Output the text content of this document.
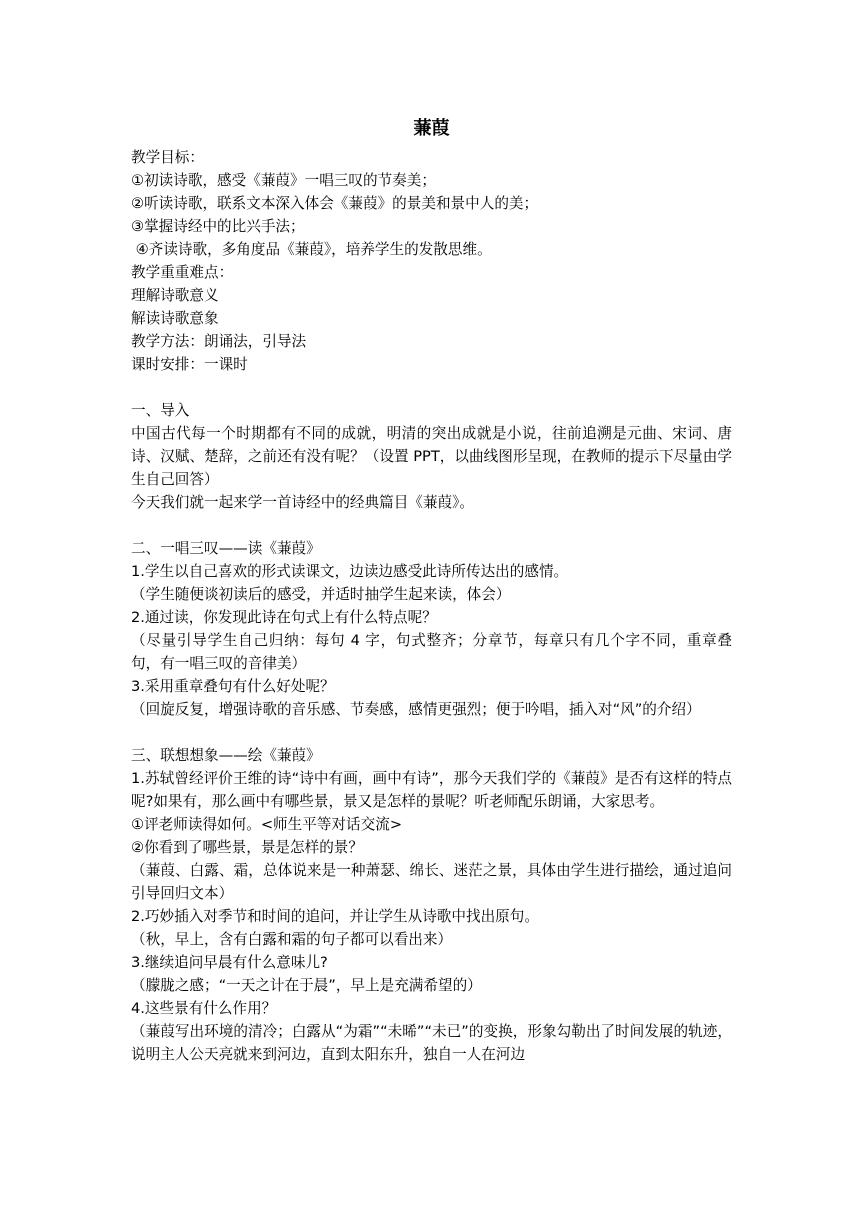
蒹葭
教学目标：
①初读诗歌，感受《蒹葭》一唱三叹的节奏美；
②听读诗歌，联系文本深入体会《蒹葭》的景美和景中人的美；
③掌握诗经中的比兴手法；
④齐读诗歌，多角度品《蒹葭》，培养学生的发散思维。
教学重重难点：
理解诗歌意义
解读诗歌意象
教学方法：朗诵法，引导法
课时安排：一课时
一、导入
中国古代每一个时期都有不同的成就，明清的突出成就是小说，往前追溯是元曲、宋词、唐诗、汉赋、楚辞，之前还有没有呢？（设置 PPT，以曲线图形呈现，在教师的提示下尽量由学生自己回答）
今天我们就一起来学一首诗经中的经典篇目《蒹葭》。
二、一唱三叹——读《蒹葭》
1.学生以自己喜欢的形式读课文，边读边感受此诗所传达出的感情。
（学生随便谈初读后的感受，并适时抽学生起来读，体会）
2.通过读，你发现此诗在句式上有什么特点呢？
（尽量引导学生自己归纳：每句 4 字，句式整齐；分章节，每章只有几个字不同，重章叠句，有一唱三叹的音律美）
3.采用重章叠句有什么好处呢？
（回旋反复，增强诗歌的音乐感、节奏感，感情更强烈；便于吟唱，插入对“风”的介绍）
三、联想想象——绘《蒹葭》
1.苏轼曾经评价王维的诗“诗中有画，画中有诗”，那今天我们学的《蒹葭》是否有这样的特点呢?如果有，那么画中有哪些景，景又是怎样的景呢？听老师配乐朗诵，大家思考。
①评老师读得如何。<师生平等对话交流>
②你看到了哪些景，景是怎样的景？
（蒹葭、白露、霜，总体说来是一种萧瑟、绵长、迷茫之景，具体由学生进行描绘，通过追问引导回归文本）
2.巧妙插入对季节和时间的追问，并让学生从诗歌中找出原句。
（秋，早上，含有白露和霜的句子都可以看出来）
3.继续追问早晨有什么意味儿?
（朦胧之感；“一天之计在于晨”，早上是充满希望的）
4.这些景有什么作用？
（蒹葭写出环境的清冷；白露从“为霜”“未晞”“未已”的变换，形象勾勒出了时间发展的轨迹，说明主人公天亮就来到河边，直到太阳东升，独自一人在河边
